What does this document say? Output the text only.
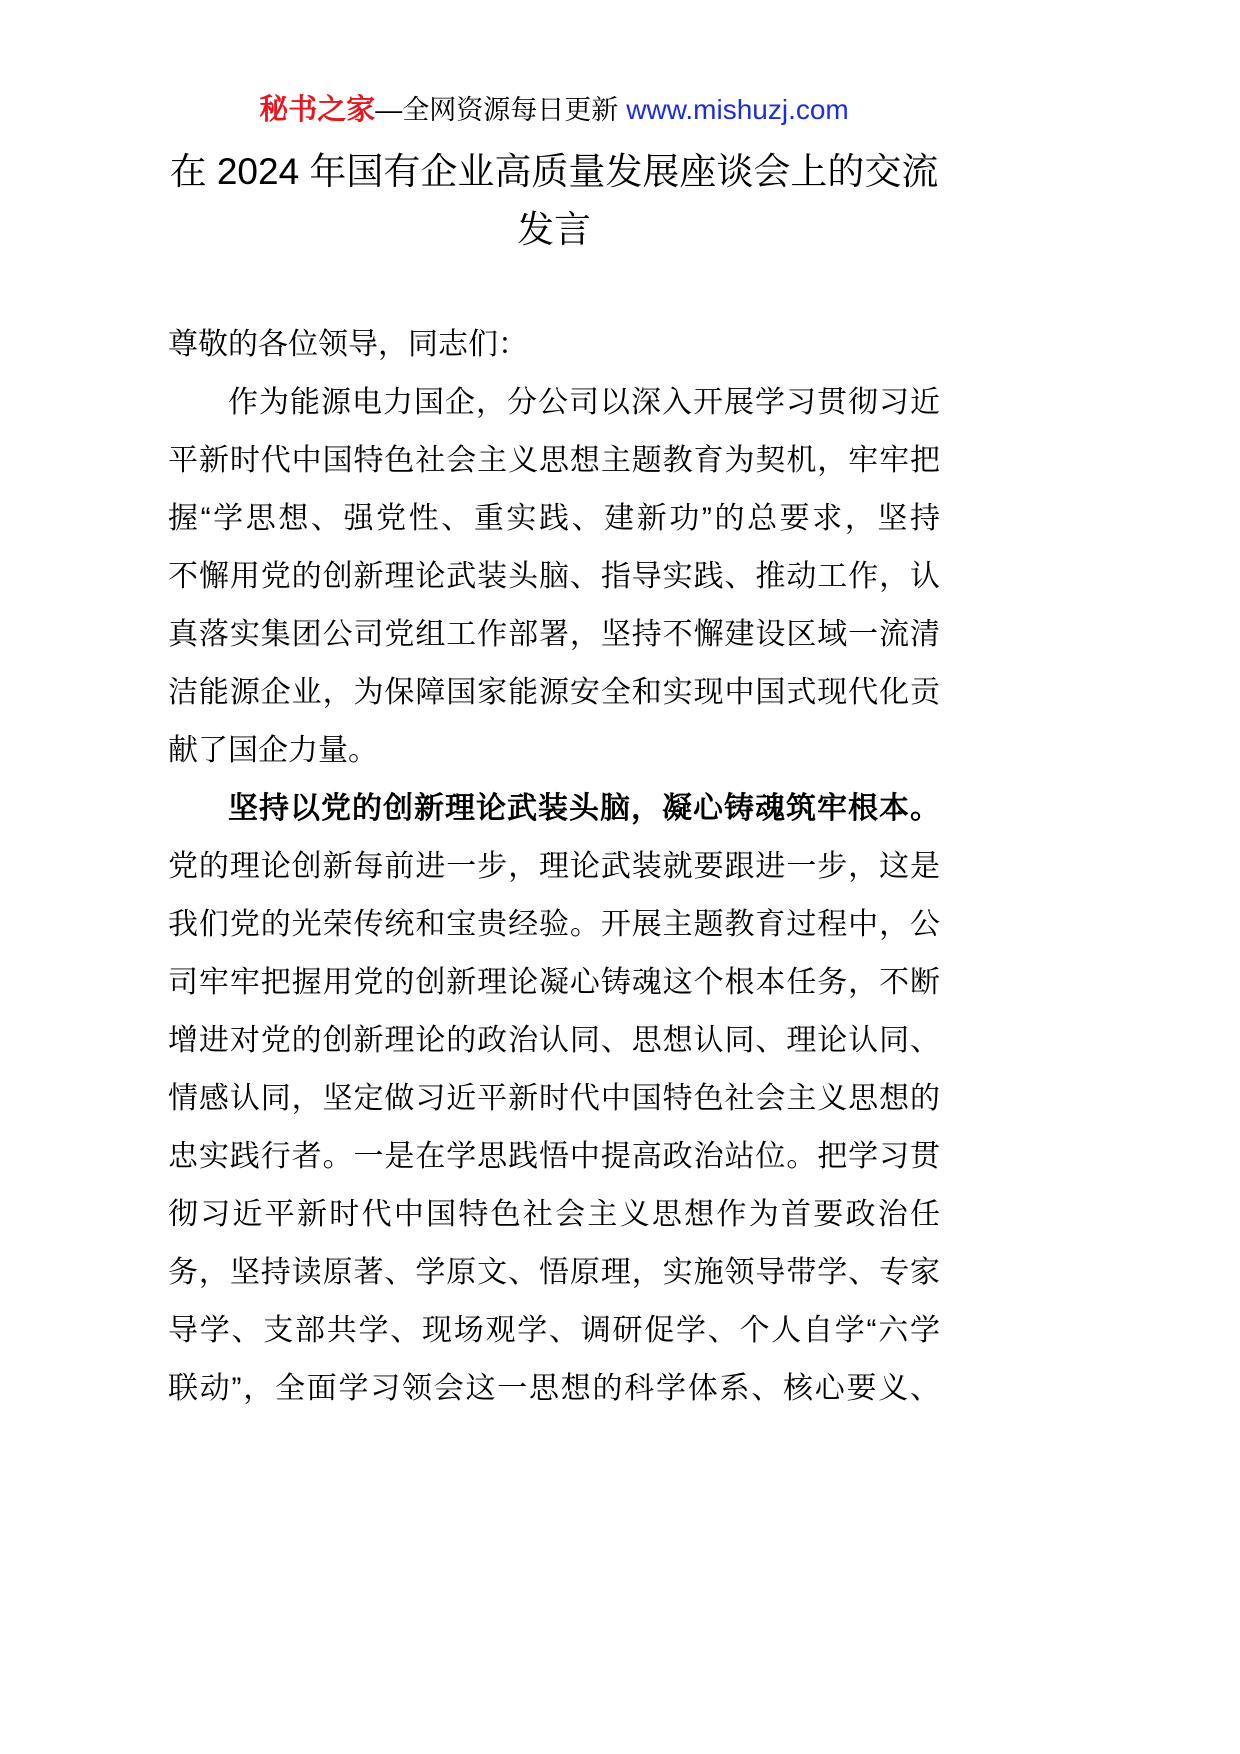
秘书之家—全网资源每日更新 www.mishuzj.com
在 2024 年国有企业高质量发展座谈会上的交流
发言
尊敬的各位领导，同志们：
作为能源电力国企，分公司以深入开展学习贯彻习近
平新时代中国特色社会主义思想主题教育为契机，牢牢把
握“学思想、强党性、重实践、建新功”的总要求，坚持
不懈用党的创新理论武装头脑、指导实践、推动工作，认
真落实集团公司党组工作部署，坚持不懈建设区域一流清
洁能源企业，为保障国家能源安全和实现中国式现代化贡
献了国企力量。
坚持以党的创新理论武装头脑，凝心铸魂筑牢根本。
党的理论创新每前进一步，理论武装就要跟进一步，这是
我们党的光荣传统和宝贵经验。开展主题教育过程中，公
司牢牢把握用党的创新理论凝心铸魂这个根本任务，不断
增进对党的创新理论的政治认同、思想认同、理论认同、
情感认同，坚定做习近平新时代中国特色社会主义思想的
忠实践行者。一是在学思践悟中提高政治站位。把学习贯
彻习近平新时代中国特色社会主义思想作为首要政治任
务，坚持读原著、学原文、悟原理，实施领导带学、专家
导学、支部共学、现场观学、调研促学、个人自学“六学
联动”，全面学习领会这一思想的科学体系、核心要义、
